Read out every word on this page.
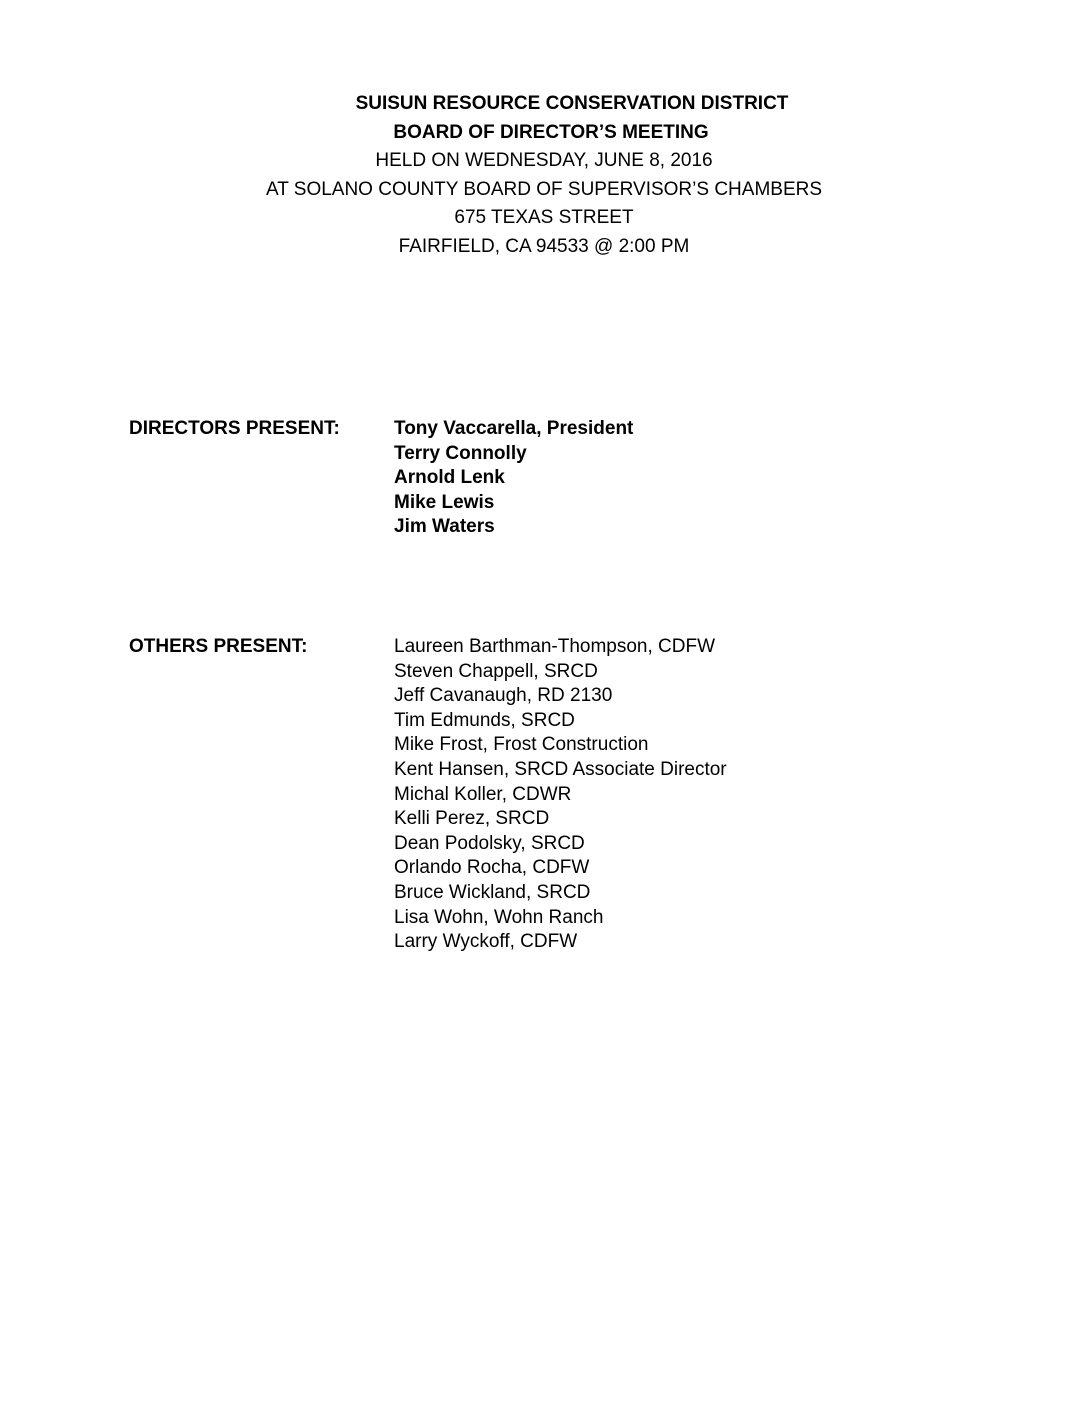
SUISUN RESOURCE CONSERVATION DISTRICT
BOARD OF DIRECTOR’S MEETING
HELD ON WEDNESDAY, JUNE 8, 2016
AT SOLANO COUNTY BOARD OF SUPERVISOR’S CHAMBERS
675 TEXAS STREET
FAIRFIELD, CA 94533 @ 2:00 PM
DIRECTORS PRESENT:	Tony Vaccarella, President
Terry Connolly
Arnold Lenk
Mike Lewis
Jim Waters
OTHERS PRESENT:	Laureen Barthman-Thompson, CDFW
Steven Chappell, SRCD
Jeff Cavanaugh, RD 2130
Tim Edmunds, SRCD
Mike Frost, Frost Construction
Kent Hansen, SRCD Associate Director
Michal Koller, CDWR
Kelli Perez, SRCD
Dean Podolsky, SRCD
Orlando Rocha, CDFW
Bruce Wickland, SRCD
Lisa Wohn, Wohn Ranch
Larry Wyckoff, CDFW
